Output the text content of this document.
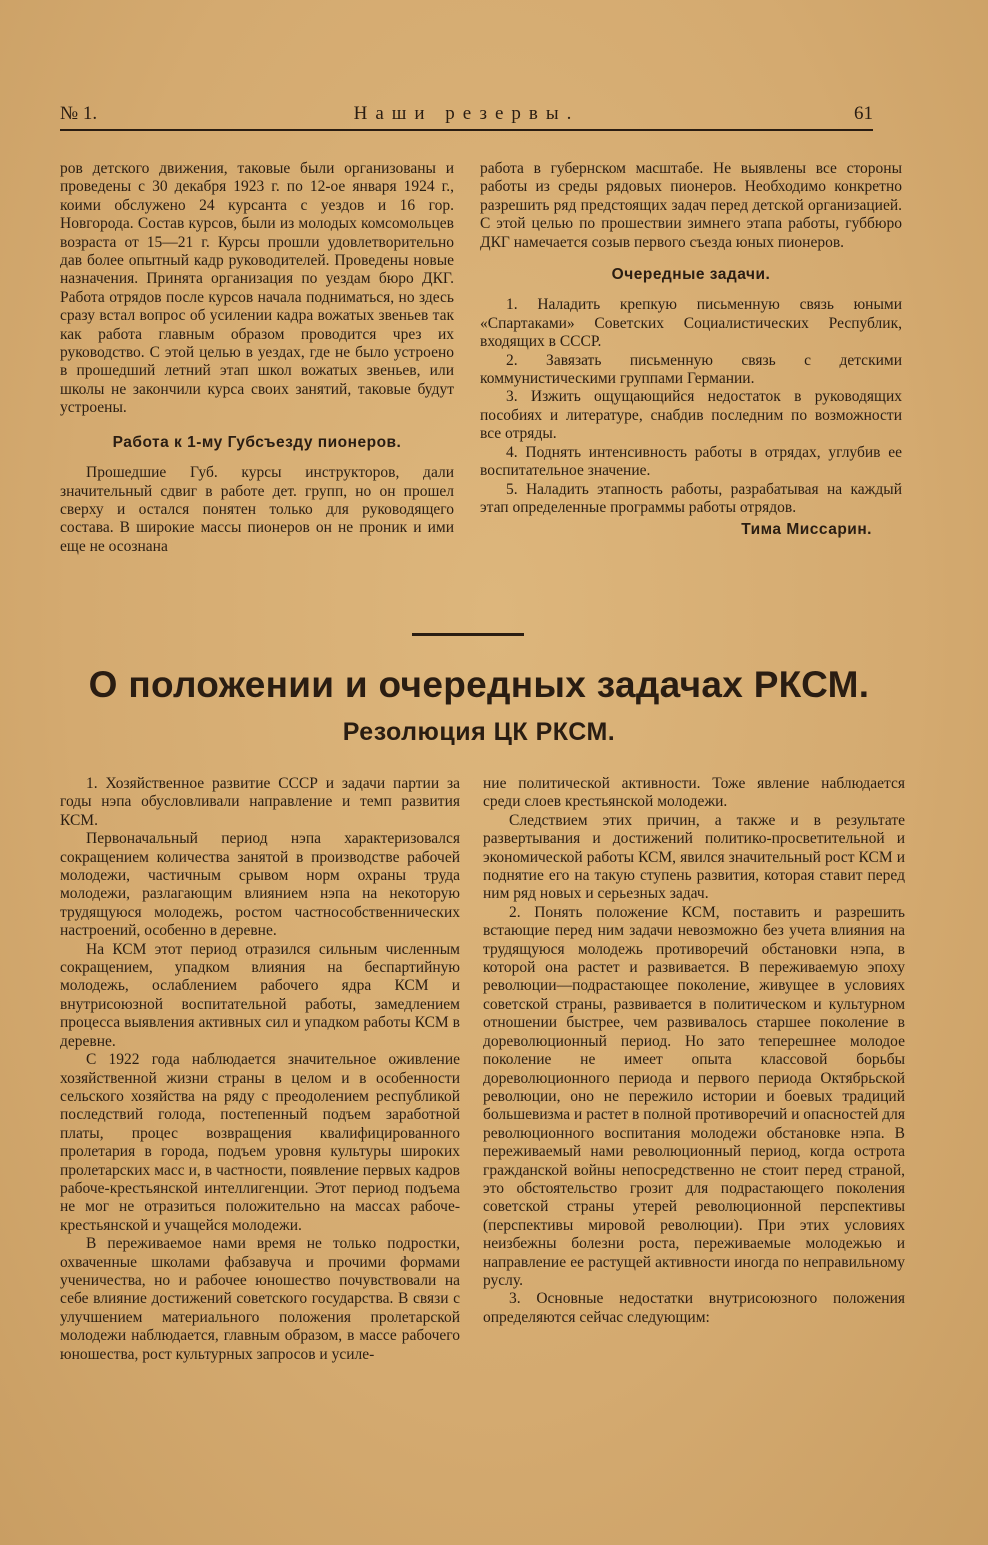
№ 1.	Наши резервы.	61

ров детского движения, таковые были организованы и проведены с 30 декабря 1923 г. по 12-ое января 1924 г., коими обслужено 24 курсанта с уездов и 16 гор. Новгорода. Состав курсов, были из молодых комсомольцев возраста от 15—21 г. Курсы прошли удовлетворительно дав более опытный кадр руководителей. Проведены новые назначения. Принята организация по уездам бюро ДКГ. Работа отрядов после курсов начала подниматься, но здесь сразу встал вопрос об усилении кадра вожатых звеньев так как работа главным образом проводится чрез их руководство. С этой целью в уездах, где не было устроено в прошедший летний этап школ вожатых звеньев, или школы не закончили курса своих занятий, таковые будут устроены.

Работа к 1-му Губсъезду пионеров.

Прошедшие Губ. курсы инструкторов, дали значительный сдвиг в работе дет. групп, но он прошел сверху и остался понятен только для руководящего состава. В широкие массы пионеров он не проник и ими еще не осознана

работа в губернском масштабе. Не выявлены все стороны работы из среды рядовых пионеров. Необходимо конкретно разрешить ряд предстоящих задач перед детской организацией. С этой целью по прошествии зимнего этапа работы, губбюро ДКГ намечается созыв первого съезда юных пионеров.

Очередные задачи.

1. Наладить крепкую письменную связь юными «Спартаками» Советских Социалистических Республик, входящих в СССР.

2. Завязать письменную связь с детскими коммунистическими группами Германии.

3. Изжить ощущающийся недостаток в руководящих пособиях и литературе, снабдив последним по возможности все отряды.

4. Поднять интенсивность работы в отрядах, углубив ее воспитательное значение.

5. Наладить этапность работы, разрабатывая на каждый этап определенные программы работы отрядов.

Тима Миссарин.
О положении и очередных задачах РКСМ.
Резолюция ЦК РКСМ.

1. Хозяйственное развитие СССР и задачи партии за годы нэпа обусловливали направление и темп развития КСМ.

Первоначальный период нэпа характеризовался сокращением количества занятой в производстве рабочей молодежи, частичным срывом норм охраны труда молодежи, разлагающим влиянием нэпа на некоторую трудящуюся молодежь, ростом частнособственнических настроений, особенно в деревне.

На КСМ этот период отразился сильным численным сокращением, упадком влияния на беспартийную молодежь, ослаблением рабочего ядра КСМ и внутрисоюзной воспитательной работы, замедлением процесса выявления активных сил и упадком работы КСМ в деревне.

С 1922 года наблюдается значительное оживление хозяйственной жизни страны в целом и в особенности сельского хозяйства на ряду с преодолением республикой последствий голода, постепенный подъем заработной платы, процес возвращения квалифицированного пролетария в города, подъем уровня культуры широких пролетарских масс и, в частности, появление первых кадров рабоче-крестьянской интеллигенции. Этот период подъема не мог не отразиться положительно на массах рабоче-крестьянской и учащейся молодежи.

В переживаемое нами время не только подростки, охваченные школами фабзавуча и прочими формами ученичества, но и рабочее юношество почувствовали на себе влияние достижений советского государства. В связи с улучшением материального положения пролетарской молодежи наблюдается, главным образом, в массе рабочего юношества, рост культурных запросов и усиле-

ние политической активности. Тоже явление наблюдается среди слоев крестьянской молодежи.

Следствием этих причин, а также и в результате развертывания и достижений политико-просветительной и экономической работы КСМ, явился значительный рост КСМ и поднятие его на такую ступень развития, которая ставит перед ним ряд новых и серьезных задач.

2. Понять положение КСМ, поставить и разрешить встающие перед ним задачи невозможно без учета влияния на трудящуюся молодежь противоречий обстановки нэпа, в которой она растет и развивается. В переживаемую эпоху революции—подрастающее поколение, живущее в условиях советской страны, развивается в политическом и культурном отношении быстрее, чем развивалось старшее поколение в дореволюционный период. Но зато теперешнее молодое поколение не имеет опыта классовой борьбы дореволюционного периода и первого периода Октябрьской революции, оно не пережило истории и боевых традиций большевизма и растет в полной противоречий и опасностей для революционного воспитания молодежи обстановке нэпа. В переживаемый нами революционный период, когда острота гражданской войны непосредственно не стоит перед страной, это обстоятельство грозит для подрастающего поколения советской страны утерей революционной перспективы (перспективы мировой революции). При этих условиях неизбежны болезни роста, переживаемые молодежью и направление ее растущей активности иногда по неправильному руслу.

3. Основные недостатки внутрисоюзного положения определяются сейчас следующим:
